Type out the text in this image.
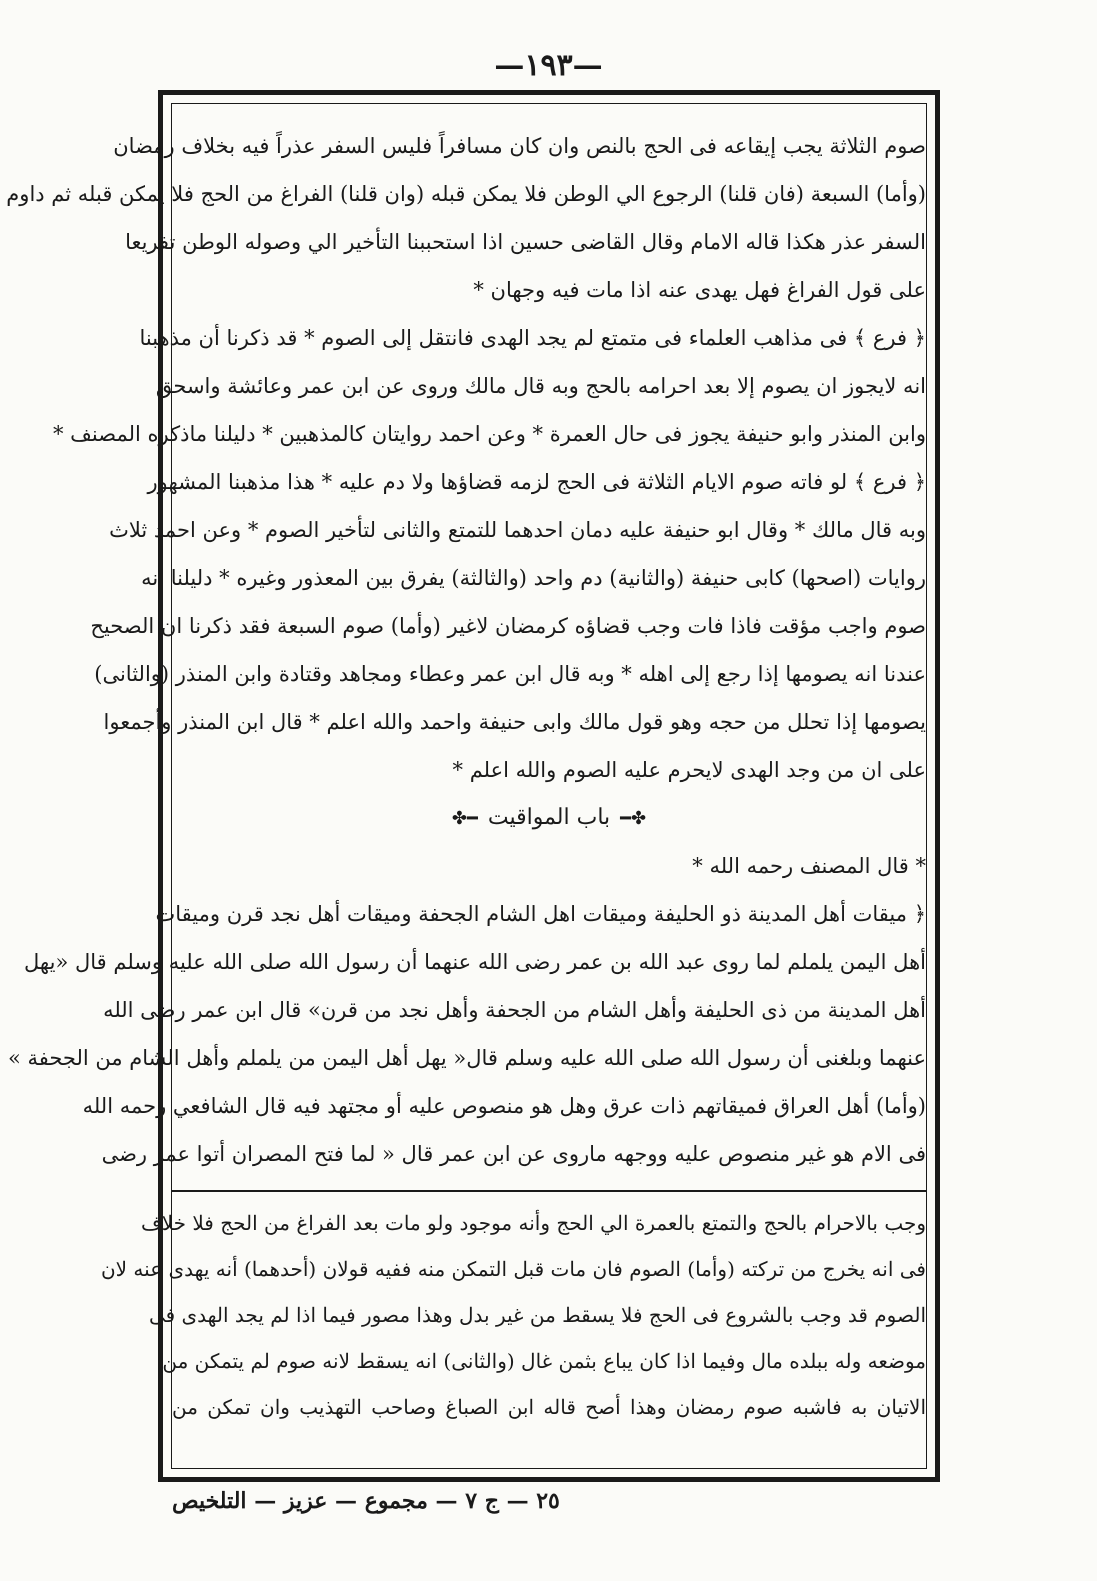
—١٩٣—
صوم الثلاثة يجب إيقاعه فى الحج بالنص وان كان مسافراً فليس السفر عذراً فيه بخلاف رمضان
(وأما) السبعة (فان قلنا) الرجوع الي الوطن فلا يمكن قبله (وان قلنا) الفراغ من الحج فلا يمكن قبله ثم داوم
السفر عذر هكذا قاله الامام وقال القاضى حسين اذا استحببنا التأخير الي وصوله الوطن تفريعا
على قول الفراغ فهل يهدى عنه اذا مات فيه وجهان *
﴿ فرع ﴾ فى مذاهب العلماء فى متمتع لم يجد الهدى فانتقل إلى الصوم * قد ذكرنا أن مذهبنا
انه لايجوز ان يصوم إلا بعد احرامه بالحج وبه قال مالك وروى عن ابن عمر وعائشة واسحق
وابن المنذر وابو حنيفة يجوز فى حال العمرة * وعن احمد روايتان كالمذهبين * دليلنا ماذكره المصنف *
﴿ فرع ﴾ لو فاته صوم الايام الثلاثة فى الحج لزمه قضاؤها ولا دم عليه * هذا مذهبنا المشهور
وبه قال مالك * وقال ابو حنيفة عليه دمان احدهما للتمتع والثانى لتأخير الصوم * وعن احمد ثلاث
روايات (اصحها) كابى حنيفة (والثانية) دم واحد (والثالثة) يفرق بين المعذور وغيره * دليلنا انه
صوم واجب مؤقت فاذا فات وجب قضاؤه كرمضان لاغير (وأما) صوم السبعة فقد ذكرنا ان الصحيح
عندنا انه يصومها إذا رجع إلى اهله * وبه قال ابن عمر وعطاء ومجاهد وقتادة وابن المنذر (والثانى)
يصومها إذا تحلل من حجه وهو قول مالك وابى حنيفة واحمد والله اعلم * قال ابن المنذر وأجمعوا
على ان من وجد الهدى لايحرم عليه الصوم والله اعلم *
✤━باب المواقيت━✤
* قال المصنف رحمه الله *
﴿ ميقات أهل المدينة ذو الحليفة وميقات اهل الشام الجحفة وميقات أهل نجد قرن وميقات
أهل اليمن يلملم لما روى عبد الله بن عمر رضى الله عنهما أن رسول الله صلى الله عليه وسلم قال «يهل
أهل المدينة من ذى الحليفة وأهل الشام من الجحفة وأهل نجد من قرن» قال ابن عمر رضى الله
عنهما وبلغنى أن رسول الله صلى الله عليه وسلم قال« يهل أهل اليمن من يلملم وأهل الشام من الجحفة »
(وأما) أهل العراق فميقاتهم ذات عرق وهل هو منصوص عليه أو مجتهد فيه قال الشافعي رحمه الله
فى الام هو غير منصوص عليه ووجهه ماروى عن ابن عمر قال « لما فتح المصران أتوا عمر رضى
وجب بالاحرام بالحج والتمتع بالعمرة الي الحج وأنه موجود ولو مات بعد الفراغ من الحج فلا خلاف
فى انه يخرج من تركته (وأما) الصوم فان مات قبل التمكن منه ففيه قولان (أحدهما) أنه يهدى عنه لان
الصوم قد وجب بالشروع فى الحج فلا يسقط من غير بدل وهذا مصور فيما اذا لم يجد الهدى فى
موضعه وله ببلده مال وفيما اذا كان يباع بثمن غال (والثانى) انه يسقط لانه صوم لم يتمكن من
الاتيان به فاشبه صوم رمضان وهذا أصح قاله ابن الصباغ وصاحب التهذيب وان تمكن من
٢٥ — ج ٧ — مجموع — عزيز — التلخيص
